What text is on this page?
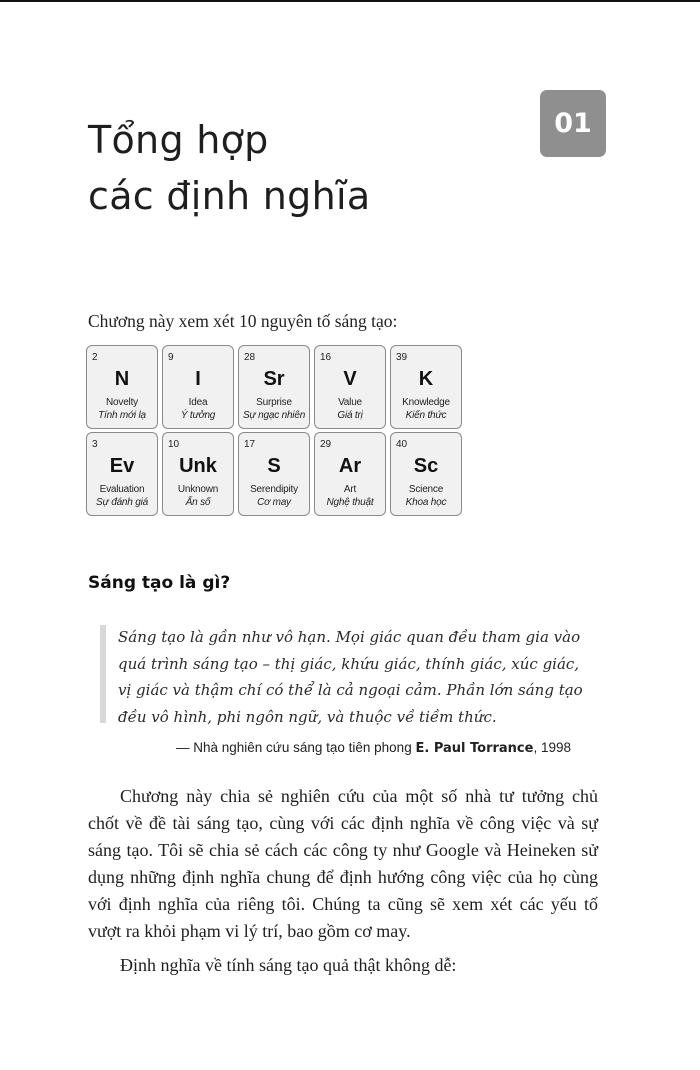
Tổng hợp
các định nghĩa
01
Chương này xem xét 10 nguyên tố sáng tạo:
2
N
Novelty
Tính mới lạ
9
I
Idea
Ý tưởng
28
Sr
Surprise
Sự ngạc nhiên
16
V
Value
Giá trị
39
K
Knowledge
Kiến thức
3
Ev
Evaluation
Sự đánh giá
10
Unk
Unknown
Ẩn số
17
S
Serendipity
Cơ may
29
Ar
Art
Nghệ thuật
40
Sc
Science
Khoa học
Sáng tạo là gì?
Sáng tạo là gần như vô hạn. Mọi giác quan đều tham gia vào
quá trình sáng tạo – thị giác, khứu giác, thính giác, xúc giác,
vị giác và thậm chí có thể là cả ngoại cảm. Phần lớn sáng tạo
đều vô hình, phi ngôn ngữ, và thuộc về tiềm thức.
— Nhà nghiên cứu sáng tạo tiên phong E. Paul Torrance, 1998
Chương này chia sẻ nghiên cứu của một số nhà tư tưởng chủ
chốt về đề tài sáng tạo, cùng với các định nghĩa về công việc và sự
sáng tạo. Tôi sẽ chia sẻ cách các công ty như Google và Heineken sử
dụng những định nghĩa chung để định hướng công việc của họ cùng
với định nghĩa của riêng tôi. Chúng ta cũng sẽ xem xét các yếu tố
vượt ra khỏi phạm vi lý trí, bao gồm cơ may.
Định nghĩa về tính sáng tạo quả thật không dễ:
